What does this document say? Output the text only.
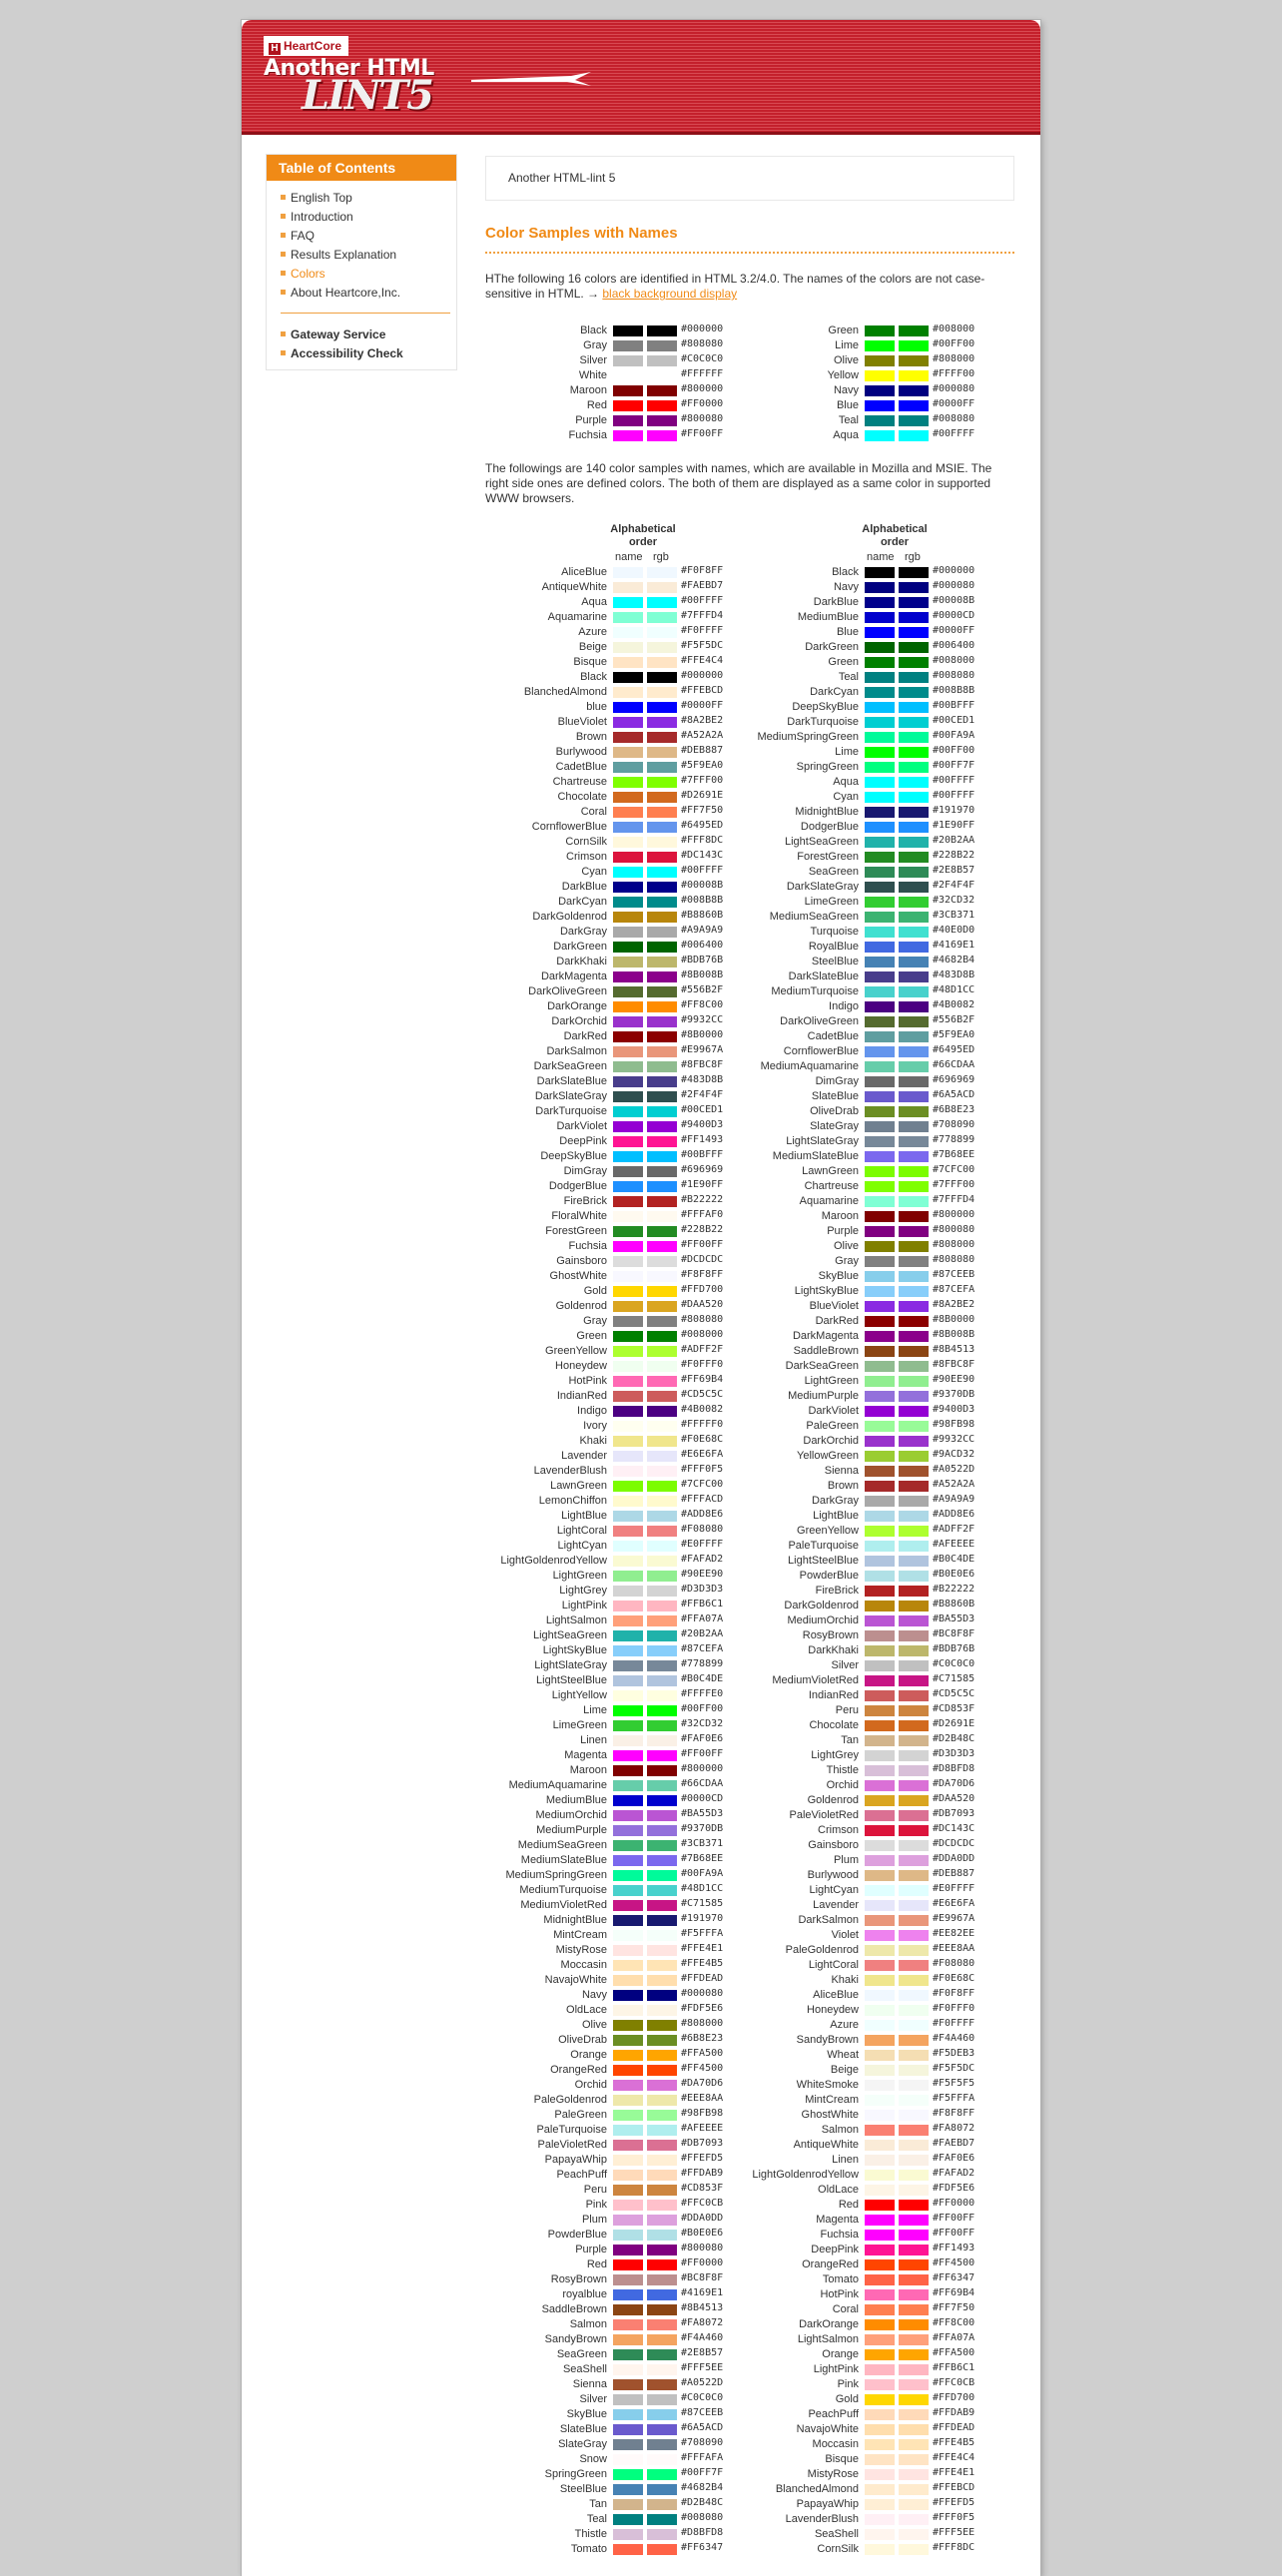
H HeartCore
Another HTML
LINT5
Table of Contents
English Top
Introduction
FAQ
Results Explanation
Colors
About Heartcore,Inc.
Gateway Service
Accessibility Check
Another HTML-lint 5
Color Samples with Names
HThe following 16 colors are identified in HTML 3.2/4.0. The names of the colors are not case-sensitive in HTML. → black background display
Black	#000000
Gray	#808080
Silver	#C0C0C0
White	#FFFFFF
Maroon	#800000
Red	#FF0000
Purple	#800080
Fuchsia	#FF00FF
Green	#008000
Lime	#00FF00
Olive	#808000
Yellow	#FFFF00
Navy	#000080
Blue	#0000FF
Teal	#008080
Aqua	#00FFFF
The followings are 140 color samples with names, which are available in Mozilla and MSIE. The right side ones are defined colors. The both of them are displayed as a same color in supported WWW browsers.
Alphabetical order
Alphabetical order
name rgb	name rgb
AliceBlue	#F0F8FF
AntiqueWhite	#FAEBD7
Aqua	#00FFFF
Aquamarine	#7FFFD4
Azure	#F0FFFF
Beige	#F5F5DC
Bisque	#FFE4C4
Black	#000000
BlanchedAlmond	#FFEBCD
blue	#0000FF
BlueViolet	#8A2BE2
Brown	#A52A2A
Burlywood	#DEB887
CadetBlue	#5F9EA0
Chartreuse	#7FFF00
Chocolate	#D2691E
Coral	#FF7F50
CornflowerBlue	#6495ED
CornSilk	#FFF8DC
Crimson	#DC143C
Cyan	#00FFFF
DarkBlue	#00008B
DarkCyan	#008B8B
DarkGoldenrod	#B8860B
DarkGray	#A9A9A9
DarkGreen	#006400
DarkKhaki	#BDB76B
DarkMagenta	#8B008B
DarkOliveGreen	#556B2F
DarkOrange	#FF8C00
DarkOrchid	#9932CC
DarkRed	#8B0000
DarkSalmon	#E9967A
DarkSeaGreen	#8FBC8F
DarkSlateBlue	#483D8B
DarkSlateGray	#2F4F4F
DarkTurquoise	#00CED1
DarkViolet	#9400D3
DeepPink	#FF1493
DeepSkyBlue	#00BFFF
DimGray	#696969
DodgerBlue	#1E90FF
FireBrick	#B22222
FloralWhite	#FFFAF0
ForestGreen	#228B22
Fuchsia	#FF00FF
Gainsboro	#DCDCDC
GhostWhite	#F8F8FF
Gold	#FFD700
Goldenrod	#DAA520
Gray	#808080
Green	#008000
GreenYellow	#ADFF2F
Honeydew	#F0FFF0
HotPink	#FF69B4
IndianRed	#CD5C5C
Indigo	#4B0082
Ivory	#FFFFF0
Khaki	#F0E68C
Lavender	#E6E6FA
LavenderBlush	#FFF0F5
LawnGreen	#7CFC00
LemonChiffon	#FFFACD
LightBlue	#ADD8E6
LightCoral	#F08080
LightCyan	#E0FFFF
LightGoldenrodYellow	#FAFAD2
LightGreen	#90EE90
LightGrey	#D3D3D3
LightPink	#FFB6C1
LightSalmon	#FFA07A
LightSeaGreen	#20B2AA
LightSkyBlue	#87CEFA
LightSlateGray	#778899
LightSteelBlue	#B0C4DE
LightYellow	#FFFFE0
Lime	#00FF00
LimeGreen	#32CD32
Linen	#FAF0E6
Magenta	#FF00FF
Maroon	#800000
MediumAquamarine	#66CDAA
MediumBlue	#0000CD
MediumOrchid	#BA55D3
MediumPurple	#9370DB
MediumSeaGreen	#3CB371
MediumSlateBlue	#7B68EE
MediumSpringGreen	#00FA9A
MediumTurquoise	#48D1CC
MediumVioletRed	#C71585
MidnightBlue	#191970
MintCream	#F5FFFA
MistyRose	#FFE4E1
Moccasin	#FFE4B5
NavajoWhite	#FFDEAD
Navy	#000080
OldLace	#FDF5E6
Olive	#808000
OliveDrab	#6B8E23
Orange	#FFA500
OrangeRed	#FF4500
Orchid	#DA70D6
PaleGoldenrod	#EEE8AA
PaleGreen	#98FB98
PaleTurquoise	#AFEEEE
PaleVioletRed	#DB7093
PapayaWhip	#FFEFD5
PeachPuff	#FFDAB9
Peru	#CD853F
Pink	#FFC0CB
Plum	#DDA0DD
PowderBlue	#B0E0E6
Purple	#800080
Red	#FF0000
RosyBrown	#BC8F8F
royalblue	#4169E1
SaddleBrown	#8B4513
Salmon	#FA8072
SandyBrown	#F4A460
SeaGreen	#2E8B57
SeaShell	#FFF5EE
Sienna	#A0522D
Silver	#C0C0C0
SkyBlue	#87CEEB
SlateBlue	#6A5ACD
SlateGray	#708090
Snow	#FFFAFA
SpringGreen	#00FF7F
SteelBlue	#4682B4
Tan	#D2B48C
Teal	#008080
Thistle	#D8BFD8
Tomato	#FF6347
Black	#000000
Navy	#000080
DarkBlue	#00008B
MediumBlue	#0000CD
Blue	#0000FF
DarkGreen	#006400
Green	#008000
Teal	#008080
DarkCyan	#008B8B
DeepSkyBlue	#00BFFF
DarkTurquoise	#00CED1
MediumSpringGreen	#00FA9A
Lime	#00FF00
SpringGreen	#00FF7F
Aqua	#00FFFF
Cyan	#00FFFF
MidnightBlue	#191970
DodgerBlue	#1E90FF
LightSeaGreen	#20B2AA
ForestGreen	#228B22
SeaGreen	#2E8B57
DarkSlateGray	#2F4F4F
LimeGreen	#32CD32
MediumSeaGreen	#3CB371
Turquoise	#40E0D0
RoyalBlue	#4169E1
SteelBlue	#4682B4
DarkSlateBlue	#483D8B
MediumTurquoise	#48D1CC
Indigo	#4B0082
DarkOliveGreen	#556B2F
CadetBlue	#5F9EA0
CornflowerBlue	#6495ED
MediumAquamarine	#66CDAA
DimGray	#696969
SlateBlue	#6A5ACD
OliveDrab	#6B8E23
SlateGray	#708090
LightSlateGray	#778899
MediumSlateBlue	#7B68EE
LawnGreen	#7CFC00
Chartreuse	#7FFF00
Aquamarine	#7FFFD4
Maroon	#800000
Purple	#800080
Olive	#808000
Gray	#808080
SkyBlue	#87CEEB
LightSkyBlue	#87CEFA
BlueViolet	#8A2BE2
DarkRed	#8B0000
DarkMagenta	#8B008B
SaddleBrown	#8B4513
DarkSeaGreen	#8FBC8F
LightGreen	#90EE90
MediumPurple	#9370DB
DarkViolet	#9400D3
PaleGreen	#98FB98
DarkOrchid	#9932CC
YellowGreen	#9ACD32
Sienna	#A0522D
Brown	#A52A2A
DarkGray	#A9A9A9
LightBlue	#ADD8E6
GreenYellow	#ADFF2F
PaleTurquoise	#AFEEEE
LightSteelBlue	#B0C4DE
PowderBlue	#B0E0E6
FireBrick	#B22222
DarkGoldenrod	#B8860B
MediumOrchid	#BA55D3
RosyBrown	#BC8F8F
DarkKhaki	#BDB76B
Silver	#C0C0C0
MediumVioletRed	#C71585
IndianRed	#CD5C5C
Peru	#CD853F
Chocolate	#D2691E
Tan	#D2B48C
LightGrey	#D3D3D3
Thistle	#D8BFD8
Orchid	#DA70D6
Goldenrod	#DAA520
PaleVioletRed	#DB7093
Crimson	#DC143C
Gainsboro	#DCDCDC
Plum	#DDA0DD
Burlywood	#DEB887
LightCyan	#E0FFFF
Lavender	#E6E6FA
DarkSalmon	#E9967A
Violet	#EE82EE
PaleGoldenrod	#EEE8AA
LightCoral	#F08080
Khaki	#F0E68C
AliceBlue	#F0F8FF
Honeydew	#F0FFF0
Azure	#F0FFFF
SandyBrown	#F4A460
Wheat	#F5DEB3
Beige	#F5F5DC
WhiteSmoke	#F5F5F5
MintCream	#F5FFFA
GhostWhite	#F8F8FF
Salmon	#FA8072
AntiqueWhite	#FAEBD7
Linen	#FAF0E6
LightGoldenrodYellow	#FAFAD2
OldLace	#FDF5E6
Red	#FF0000
Magenta	#FF00FF
Fuchsia	#FF00FF
DeepPink	#FF1493
OrangeRed	#FF4500
Tomato	#FF6347
HotPink	#FF69B4
Coral	#FF7F50
DarkOrange	#FF8C00
LightSalmon	#FFA07A
Orange	#FFA500
LightPink	#FFB6C1
Pink	#FFC0CB
Gold	#FFD700
PeachPuff	#FFDAB9
NavajoWhite	#FFDEAD
Moccasin	#FFE4B5
Bisque	#FFE4C4
MistyRose	#FFE4E1
BlanchedAlmond	#FFEBCD
PapayaWhip	#FFEFD5
LavenderBlush	#FFF0F5
SeaShell	#FFF5EE
CornSilk	#FFF8DC
